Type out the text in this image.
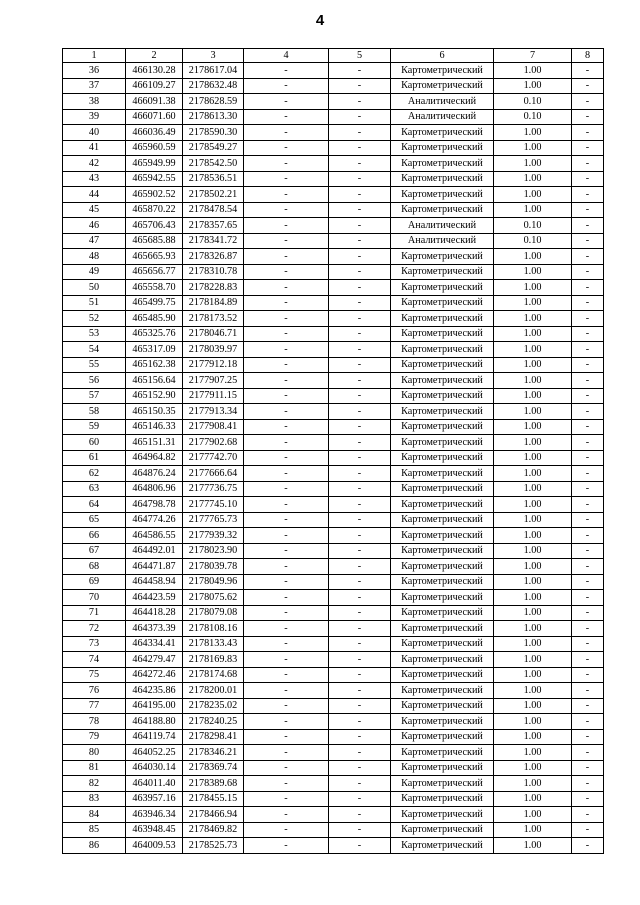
4
1	2	3	4	5	6	7	8
36	466130.28	2178617.04	-	-	Картометрический	1.00	-
37	466109.27	2178632.48	-	-	Картометрический	1.00	-
38	466091.38	2178628.59	-	-	Аналитический	0.10	-
39	466071.60	2178613.30	-	-	Аналитический	0.10	-
40	466036.49	2178590.30	-	-	Картометрический	1.00	-
41	465960.59	2178549.27	-	-	Картометрический	1.00	-
42	465949.99	2178542.50	-	-	Картометрический	1.00	-
43	465942.55	2178536.51	-	-	Картометрический	1.00	-
44	465902.52	2178502.21	-	-	Картометрический	1.00	-
45	465870.22	2178478.54	-	-	Картометрический	1.00	-
46	465706.43	2178357.65	-	-	Аналитический	0.10	-
47	465685.88	2178341.72	-	-	Аналитический	0.10	-
48	465665.93	2178326.87	-	-	Картометрический	1.00	-
49	465656.77	2178310.78	-	-	Картометрический	1.00	-
50	465558.70	2178228.83	-	-	Картометрический	1.00	-
51	465499.75	2178184.89	-	-	Картометрический	1.00	-
52	465485.90	2178173.52	-	-	Картометрический	1.00	-
53	465325.76	2178046.71	-	-	Картометрический	1.00	-
54	465317.09	2178039.97	-	-	Картометрический	1.00	-
55	465162.38	2177912.18	-	-	Картометрический	1.00	-
56	465156.64	2177907.25	-	-	Картометрический	1.00	-
57	465152.90	2177911.15	-	-	Картометрический	1.00	-
58	465150.35	2177913.34	-	-	Картометрический	1.00	-
59	465146.33	2177908.41	-	-	Картометрический	1.00	-
60	465151.31	2177902.68	-	-	Картометрический	1.00	-
61	464964.82	2177742.70	-	-	Картометрический	1.00	-
62	464876.24	2177666.64	-	-	Картометрический	1.00	-
63	464806.96	2177736.75	-	-	Картометрический	1.00	-
64	464798.78	2177745.10	-	-	Картометрический	1.00	-
65	464774.26	2177765.73	-	-	Картометрический	1.00	-
66	464586.55	2177939.32	-	-	Картометрический	1.00	-
67	464492.01	2178023.90	-	-	Картометрический	1.00	-
68	464471.87	2178039.78	-	-	Картометрический	1.00	-
69	464458.94	2178049.96	-	-	Картометрический	1.00	-
70	464423.59	2178075.62	-	-	Картометрический	1.00	-
71	464418.28	2178079.08	-	-	Картометрический	1.00	-
72	464373.39	2178108.16	-	-	Картометрический	1.00	-
73	464334.41	2178133.43	-	-	Картометрический	1.00	-
74	464279.47	2178169.83	-	-	Картометрический	1.00	-
75	464272.46	2178174.68	-	-	Картометрический	1.00	-
76	464235.86	2178200.01	-	-	Картометрический	1.00	-
77	464195.00	2178235.02	-	-	Картометрический	1.00	-
78	464188.80	2178240.25	-	-	Картометрический	1.00	-
79	464119.74	2178298.41	-	-	Картометрический	1.00	-
80	464052.25	2178346.21	-	-	Картометрический	1.00	-
81	464030.14	2178369.74	-	-	Картометрический	1.00	-
82	464011.40	2178389.68	-	-	Картометрический	1.00	-
83	463957.16	2178455.15	-	-	Картометрический	1.00	-
84	463946.34	2178466.94	-	-	Картометрический	1.00	-
85	463948.45	2178469.82	-	-	Картометрический	1.00	-
86	464009.53	2178525.73	-	-	Картометрический	1.00	-
